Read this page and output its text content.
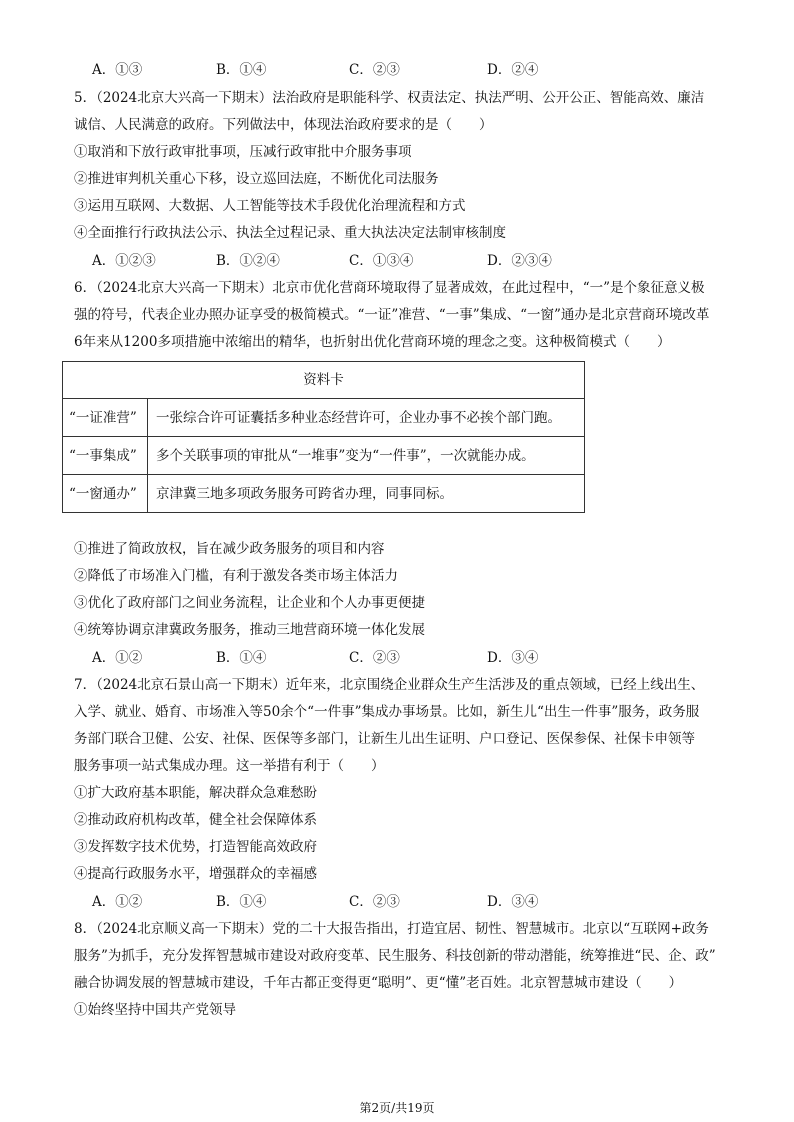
A．①③	B．①④	C．②③	D．②④
5．（2024北京大兴高一下期末）法治政府是职能科学、权责法定、执法严明、公开公正、智能高效、廉洁
诚信、人民满意的政府。下列做法中，体现法治政府要求的是（　　）
①取消和下放行政审批事项，压减行政审批中介服务事项
②推进审判机关重心下移，设立巡回法庭，不断优化司法服务
③运用互联网、大数据、人工智能等技术手段优化治理流程和方式
④全面推行行政执法公示、执法全过程记录、重大执法决定法制审核制度
A．①②③	B．①②④	C．①③④	D．②③④
6．（2024北京大兴高一下期末）北京市优化营商环境取得了显著成效，在此过程中，“一”是个象征意义极
强的符号，代表企业办照办证享受的极简模式。“一证”准营、“一事”集成、“一窗”通办是北京营商环境改革
6年来从1200多项措施中浓缩出的精华，也折射出优化营商环境的理念之变。这种极简模式（　　）
资料卡	
“一证准营”	一张综合许可证囊括多种业态经营许可，企业办事不必挨个部门跑。
“一事集成”	多个关联事项的审批从“一堆事”变为“一件事”，一次就能办成。
“一窗通办”	京津冀三地多项政务服务可跨省办理，同事同标。
①推进了简政放权，旨在减少政务服务的项目和内容
②降低了市场准入门槛，有利于激发各类市场主体活力
③优化了政府部门之间业务流程，让企业和个人办事更便捷
④统筹协调京津冀政务服务，推动三地营商环境一体化发展
A．①②	B．①④	C．②③	D．③④
7．（2024北京石景山高一下期末）近年来，北京围绕企业群众生产生活涉及的重点领域，已经上线出生、
入学、就业、婚育、市场准入等50余个“一件事”集成办事场景。比如，新生儿“出生一件事”服务，政务服
务部门联合卫健、公安、社保、医保等多部门，让新生儿出生证明、户口登记、医保参保、社保卡申领等
服务事项一站式集成办理。这一举措有利于（　　）
①扩大政府基本职能，解决群众急难愁盼
②推动政府机构改革，健全社会保障体系
③发挥数字技术优势，打造智能高效政府
④提高行政服务水平，增强群众的幸福感
A．①②	B．①④	C．②③	D．③④
8．（2024北京顺义高一下期末）党的二十大报告指出，打造宜居、韧性、智慧城市。北京以“互联网+政务
服务”为抓手，充分发挥智慧城市建设对政府变革、民生服务、科技创新的带动潜能，统筹推进“民、企、政”
融合协调发展的智慧城市建设，千年古都正变得更“聪明”、更“懂”老百姓。北京智慧城市建设（　　）
①始终坚持中国共产党领导
第2页/共19页
